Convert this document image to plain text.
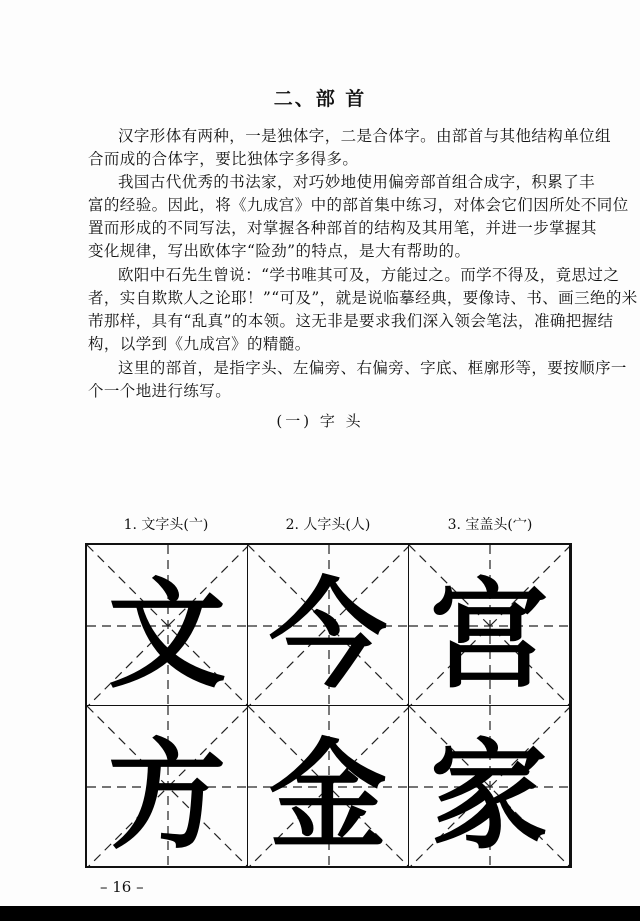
二、部 首
汉字形体有两种，一是独体字，二是合体字。由部首与其他结构单位组
合而成的合体字，要比独体字多得多。
我国古代优秀的书法家，对巧妙地使用偏旁部首组合成字，积累了丰
富的经验。因此，将《九成宫》中的部首集中练习，对体会它们因所处不同位
置而形成的不同写法，对掌握各种部首的结构及其用笔，并进一步掌握其
变化规律，写出欧体字“险劲”的特点，是大有帮助的。
欧阳中石先生曾说：“学书唯其可及，方能过之。而学不得及，竟思过之
者，实自欺欺人之论耶！”“可及”，就是说临摹经典，要像诗、书、画三绝的米
芾那样，具有“乱真”的本领。这无非是要求我们深入领会笔法，准确把握结
构，以学到《九成宫》的精髓。
这里的部首，是指字头、左偏旁、右偏旁、字底、框廓形等，要按顺序一
个一个地进行练写。
(一) 字 头
1. 文字头(亠)	2. 人字头(人)	3. 宝盖头(宀)
文
方
今
金
宫
家
– 16 –
